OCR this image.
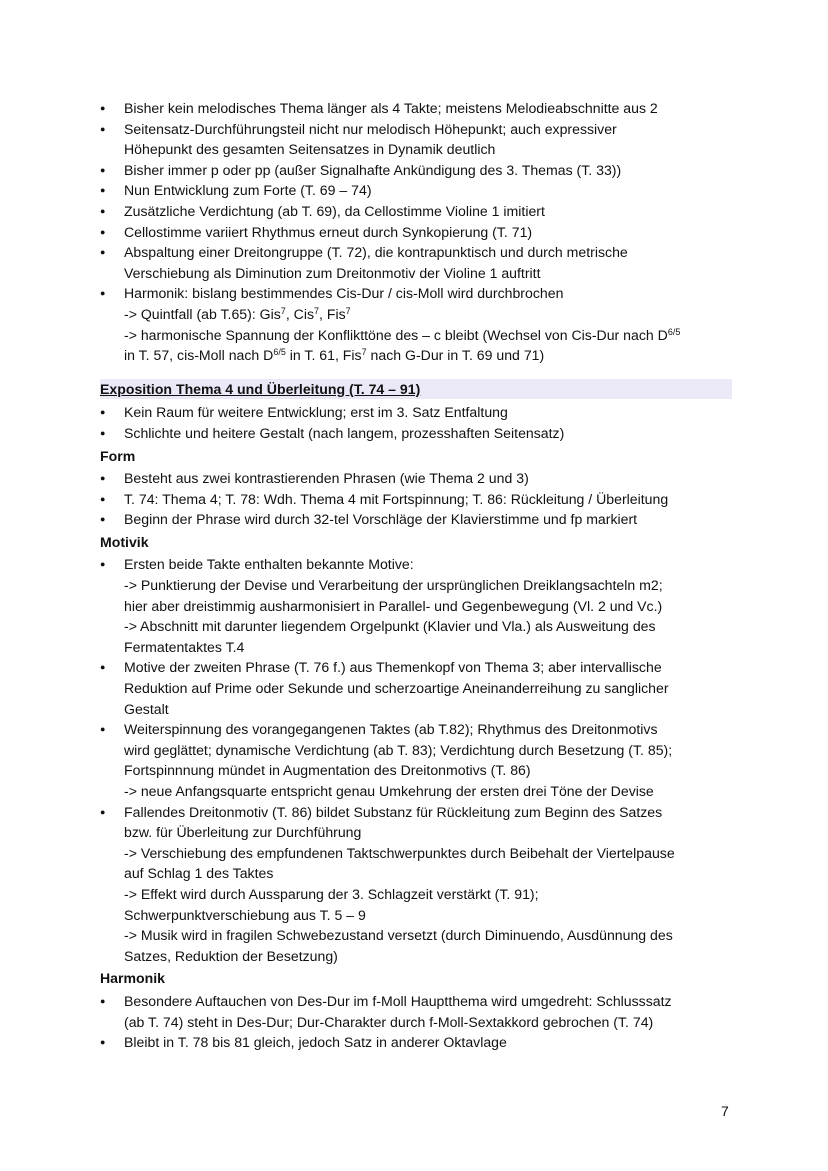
● Bisher kein melodisches Thema länger als 4 Takte; meistens Melodieabschnitte aus 2
● Seitensatz-Durchführungsteil nicht nur melodisch Höhepunkt; auch expressiver
Höhepunkt des gesamten Seitensatzes in Dynamik deutlich
● Bisher immer p oder pp (außer Signalhafte Ankündigung des 3. Themas (T. 33))
● Nun Entwicklung zum Forte (T. 69 – 74)
● Zusätzliche Verdichtung (ab T. 69), da Cellostimme Violine 1 imitiert
● Cellostimme variiert Rhythmus erneut durch Synkopierung (T. 71)
● Abspaltung einer Dreitongruppe (T. 72), die kontrapunktisch und durch metrische
Verschiebung als Diminution zum Dreitonmotiv der Violine 1 auftritt
● Harmonik: bislang bestimmendes Cis-Dur / cis-Moll wird durchbrochen
-> Quintfall (ab T.65): Gis$^7$, Cis$^7$, Fis$^7$
-> harmonische Spannung der Konflikttöne des – c bleibt (Wechsel von Cis-Dur nach $D^{6/5}$
in T. 57, cis-Moll nach $D^{6/5}$ in T. 61, Fis$^7$ nach G-Dur in T. 69 und 71)
Exposition Thema 4 und Überleitung (T. 74 – 91)
● Kein Raum für weitere Entwicklung; erst im 3. Satz Entfaltung
● Schlichte und heitere Gestalt (nach langem, prozesshaften Seitensatz)
Form
● Besteht aus zwei kontrastierenden Phrasen (wie Thema 2 und 3)
● T. 74: Thema 4; T. 78: Wdh. Thema 4 mit Fortspinnung; T. 86: Rückleitung / Überleitung
● Beginn der Phrase wird durch 32-tel Vorschläge der Klavierstimme und fp markiert
Motivik
● Ersten beide Takte enthalten bekannte Motive:
-> Punktierung der Devise und Verarbeitung der ursprünglichen Dreiklangsachteln m2;
hier aber dreistimmig ausharmonisiert in Parallel- und Gegenbewegung (Vl. 2 und Vc.)
-> Abschnitt mit darunter liegendem Orgelpunkt (Klavier und Vla.) als Ausweitung des
Fermatentaktes T.4
● Motive der zweiten Phrase (T. 76 f.) aus Themenkopf von Thema 3; aber intervallische
Reduktion auf Prime oder Sekunde und scherzoartige Aneinanderreihung zu sanglicher
Gestalt
● Weiterspinnung des vorangegangenen Taktes (ab T.82); Rhythmus des Dreitonmotivs
wird geglättet; dynamische Verdichtung (ab T. 83); Verdichtung durch Besetzung (T. 85);
Fortspinnnung mündet in Augmentation des Dreitonmotivs (T. 86)
-> neue Anfangsquarte entspricht genau Umkehrung der ersten drei Töne der Devise
● Fallendes Dreitonmotiv (T. 86) bildet Substanz für Rückleitung zum Beginn des Satzes
bzw. für Überleitung zur Durchführung
-> Verschiebung des empfundenen Taktschwerpunktes durch Beibehalt der Viertelpause
auf Schlag 1 des Taktes
-> Effekt wird durch Aussparung der 3. Schlagzeit verstärkt (T. 91);
Schwerpunktverschiebung aus T. 5 – 9
-> Musik wird in fragilen Schwebezustand versetzt (durch Diminuendo, Ausdünnung des
Satzes, Reduktion der Besetzung)
Harmonik
● Besondere Auftauchen von Des-Dur im f-Moll Hauptthema wird umgedreht: Schlusssatz
(ab T. 74) steht in Des-Dur; Dur-Charakter durch f-Moll-Sextakkord gebrochen (T. 74)
● Bleibt in T. 78 bis 81 gleich, jedoch Satz in anderer Oktavlage
7
